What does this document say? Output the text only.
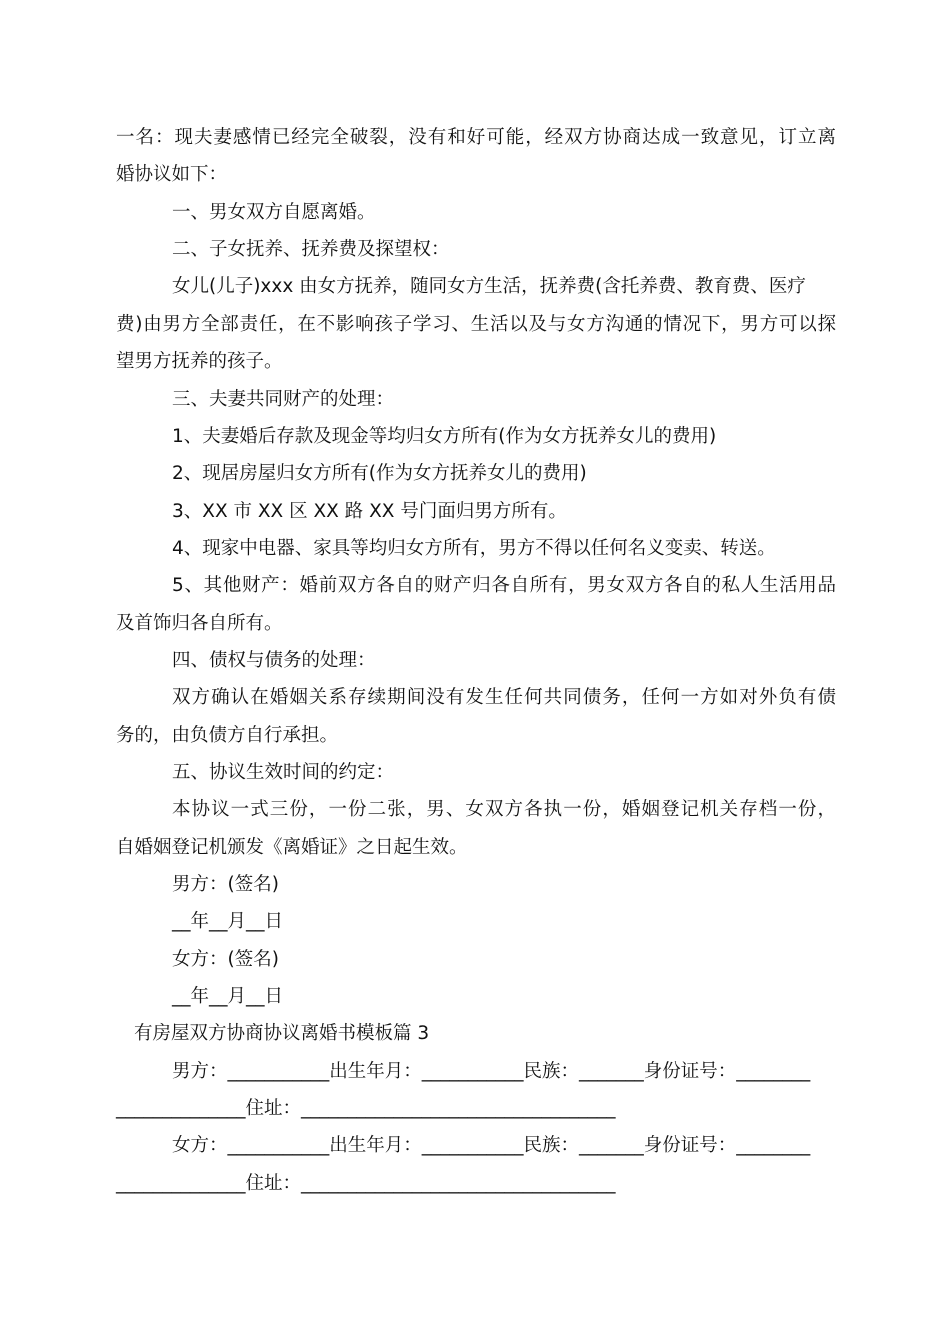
一名：现夫妻感情已经完全破裂，没有和好可能，经双方协商达成一致意见，订立离

婚协议如下：

一、男女双方自愿离婚。

二、子女抚养、抚养费及探望权：

女儿(儿子)xxx 由女方抚养，随同女方生活，抚养费(含托养费、教育费、医疗

费)由男方全部责任，在不影响孩子学习、生活以及与女方沟通的情况下，男方可以探

望男方抚养的孩子。

三、夫妻共同财产的处理：

1、夫妻婚后存款及现金等均归女方所有(作为女方抚养女儿的费用)

2、现居房屋归女方所有(作为女方抚养女儿的费用)

3、XX 市 XX 区 XX 路 XX 号门面归男方所有。

4、现家中电器、家具等均归女方所有，男方不得以任何名义变卖、转送。

5、其他财产：婚前双方各自的财产归各自所有，男女双方各自的私人生活用品

及首饰归各自所有。

四、债权与债务的处理：

双方确认在婚姻关系存续期间没有发生任何共同债务，任何一方如对外负有债

务的，由负债方自行承担。

五、协议生效时间的约定：

本协议一式三份，一份二张，男、女双方各执一份，婚姻登记机关存档一份，

自婚姻登记机颁发《离婚证》之日起生效。

男方：(签名)

__年__月__日

女方：(签名)

__年__月__日

有房屋双方协商协议离婚书模板篇 3

男方：___________出生年月：___________民族：_______身份证号：________

______________住址：__________________________________

女方：___________出生年月：___________民族：_______身份证号：________

______________住址：__________________________________
